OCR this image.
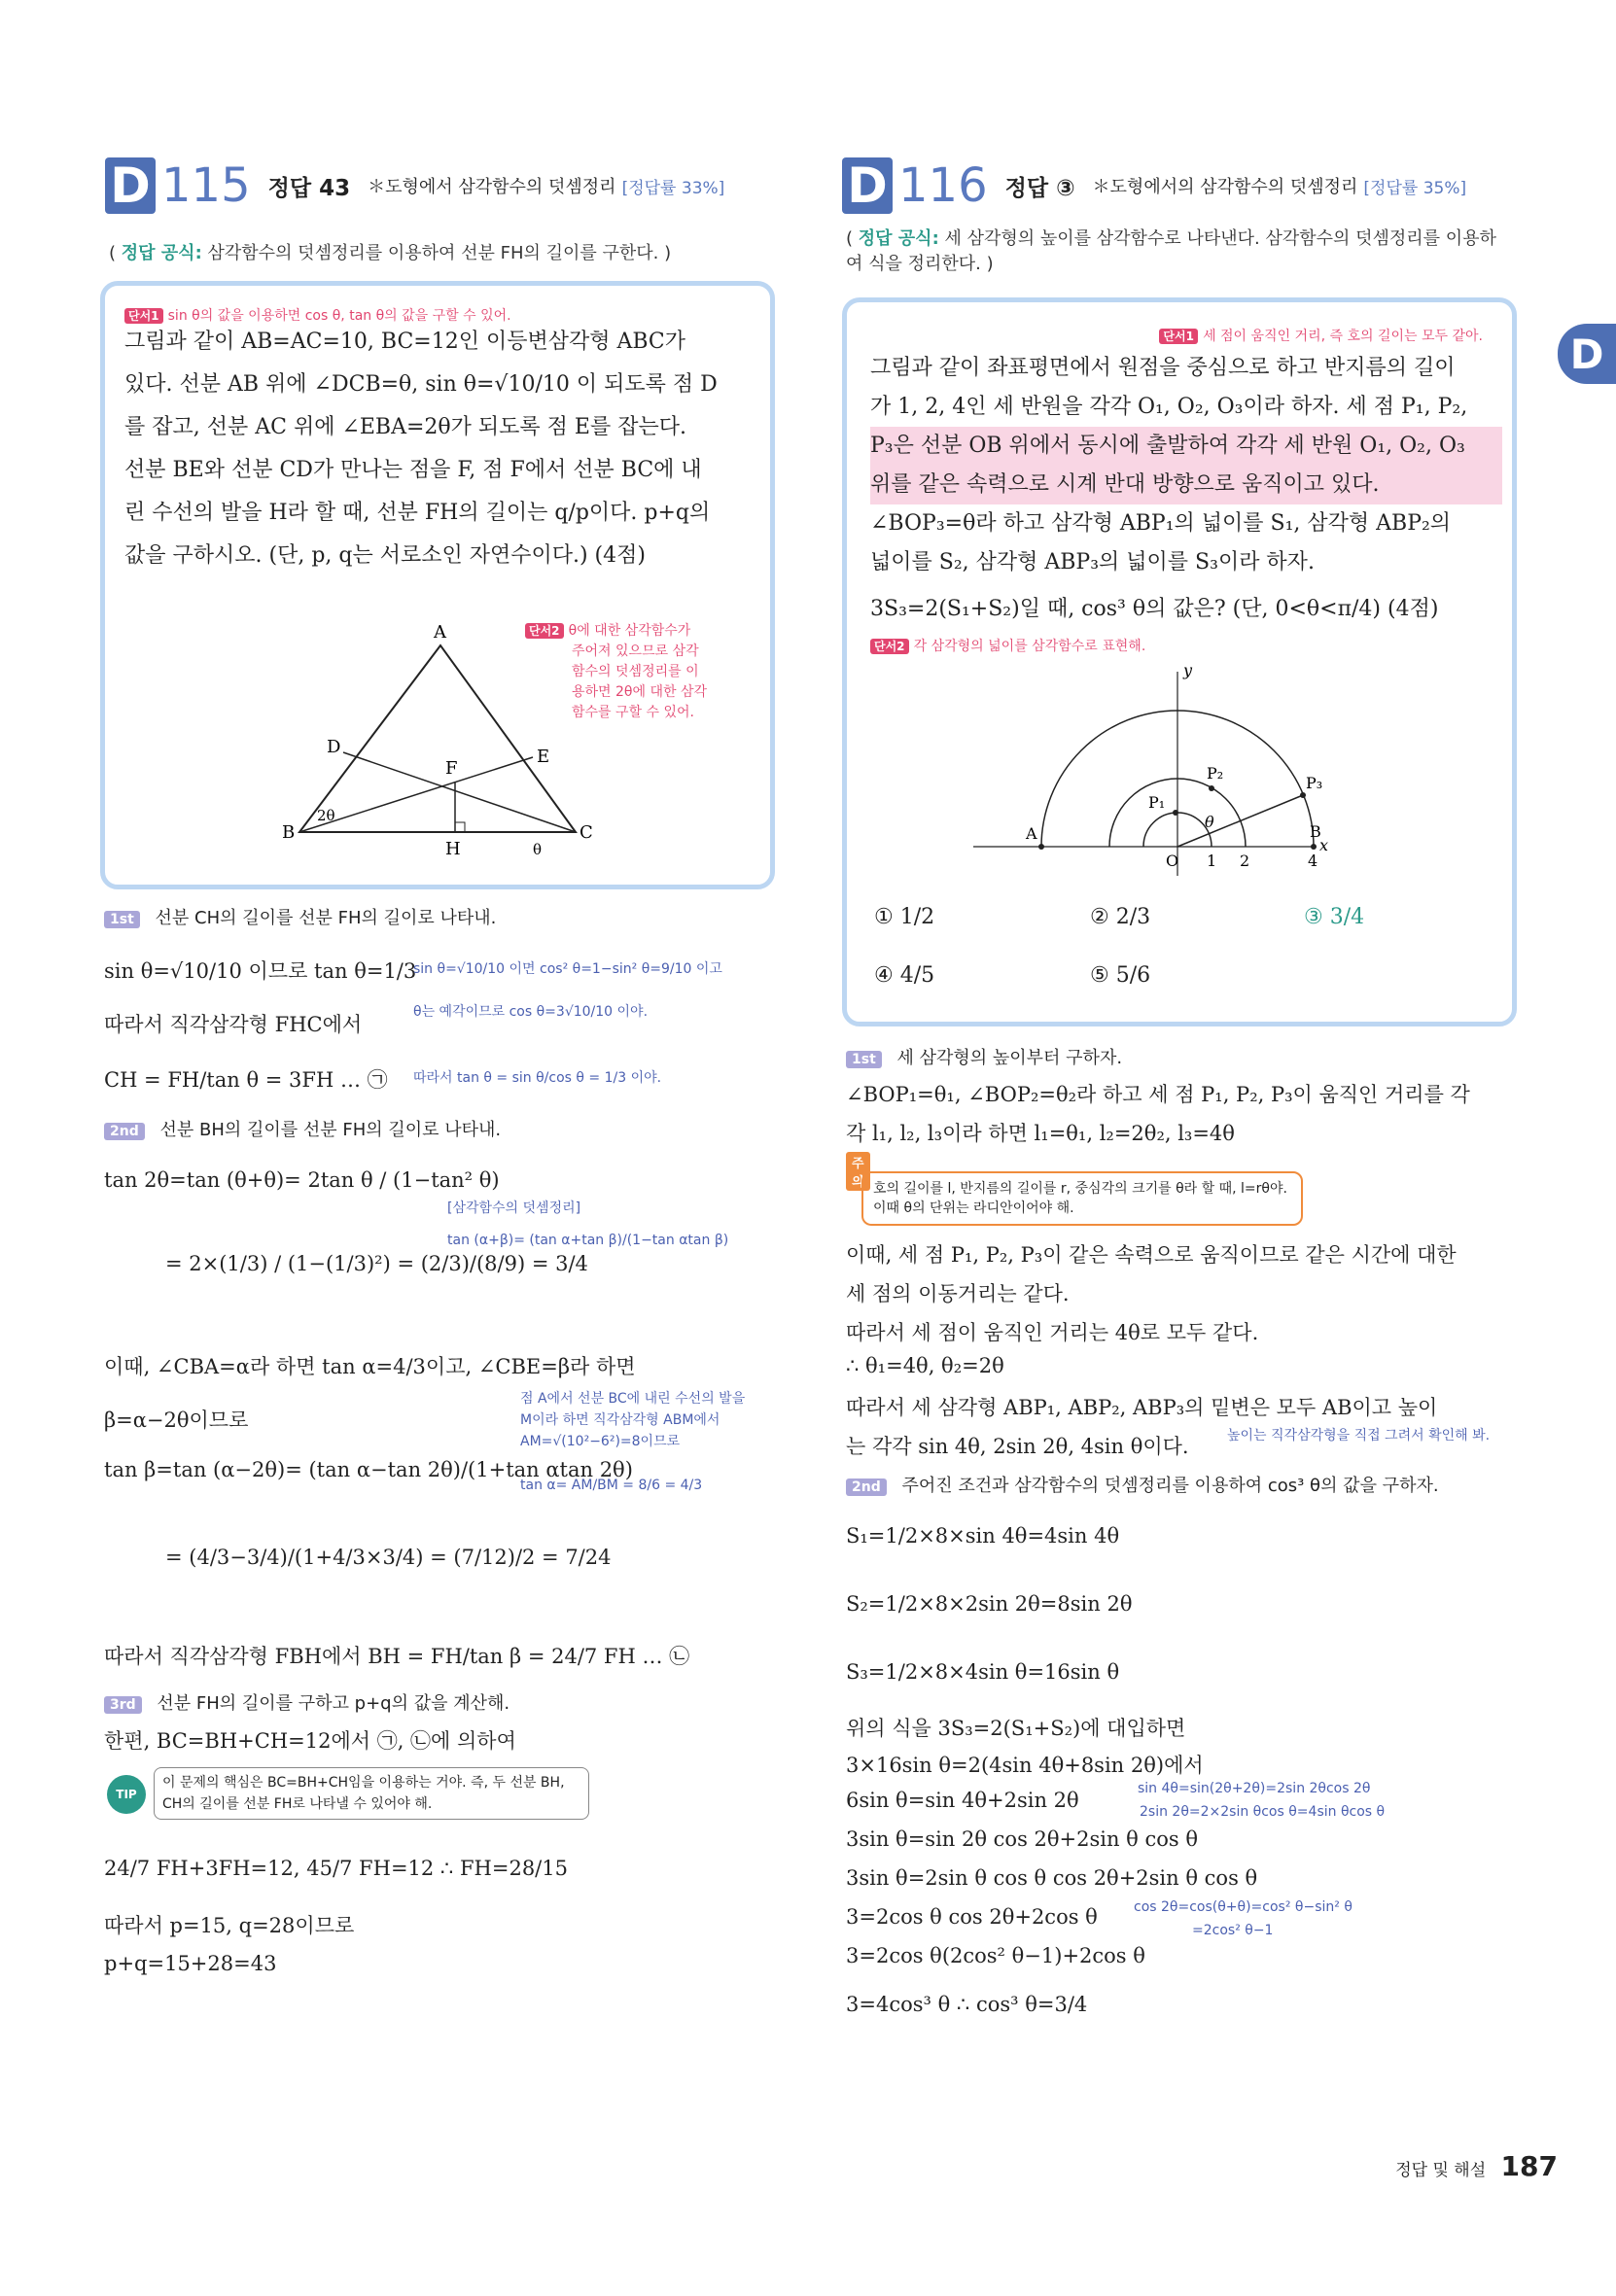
D 115 정답 43 ＊도형에서 삼각함수의 덧셈정리 [정답률 33%]
( 정답 공식: 삼각함수의 덧셈정리를 이용하여 선분 FH의 길이를 구한다. )
단서1 sin θ의 값을 이용하면 cos θ, tan θ의 값을 구할 수 있어.
그림과 같이 AB=AC=10, BC=12인 이등변삼각형 ABC가
있다. 선분 AB 위에 ∠DCB=θ, sin θ=√10/10 이 되도록 점 D
를 잡고, 선분 AC 위에 ∠EBA=2θ가 되도록 점 E를 잡는다.
선분 BE와 선분 CD가 만나는 점을 F, 점 F에서 선분 BC에 내
린 수선의 발을 H라 할 때, 선분 FH의 길이는 q/p이다. p+q의
값을 구하시오. (단, p, q는 서로소인 자연수이다.) (4점)
단서2 θ에 대한 삼각함수가
주어져 있으므로 삼각
함수의 덧셈정리를 이
용하면 2θ에 대한 삼각
함수를 구할 수 있어.
A
B	C
D	E
F
H
2θ
θ
1st 선분 CH의 길이를 선분 FH의 길이로 나타내.
sin θ=√10/10 이므로 tan θ=1/3
sin θ=√10/10 이면 cos² θ=1−sin² θ=9/10 이고
따라서 직각삼각형 FHC에서
θ는 예각이므로 cos θ=3√10/10 이야.
CH = FH/tan θ = 3FH … ㉠ 따라서 tan θ = sin θ/cos θ = 1/3 이야.
2nd 선분 BH의 길이를 선분 FH의 길이로 나타내.
tan 2θ=tan (θ+θ)= 2tan θ / (1−tan² θ)
[삼각함수의 덧셈정리]
= 2×(1/3) / (1−(1/3)²) = (2/3)/(8/9) = 3/4
tan (α+β)= (tan α+tan β)/(1−tan αtan β)
이때, ∠CBA=α라 하면 tan α=4/3이고, ∠CBE=β라 하면
β=α−2θ이므로
점 A에서 선분 BC에 내린 수선의 발을
M이라 하면 직각삼각형 ABM에서
AM=√(10²−6²)=8이므로
tan β=tan (α−2θ)= (tan α−tan 2θ)/(1+tan αtan 2θ)
tan α= AM/BM = 8/6 = 4/3
= (4/3−3/4)/(1+4/3×3/4) = (7/12)/2 = 7/24
따라서 직각삼각형 FBH에서 BH = FH/tan β = 24/7 FH … ㉡
3rd 선분 FH의 길이를 구하고 p+q의 값을 계산해.
한편, BC=BH+CH=12에서 ㉠, ㉡에 의하여
TIP
이 문제의 핵심은 BC=BH+CH임을 이용하는 거야. 즉, 두 선분 BH, CH의 길이를 선분 FH로 나타낼 수 있어야 해.
24/7 FH+3FH=12, 45/7 FH=12 ∴ FH=28/15
따라서 p=15, q=28이므로
p+q=15+28=43
D 116 정답 ③ ＊도형에서의 삼각함수의 덧셈정리 [정답률 35%]
( 정답 공식: 세 삼각형의 높이를 삼각함수로 나타낸다. 삼각함수의 덧셈정리를 이용하여 식을 정리한다. )
단서1 세 점이 움직인 거리, 즉 호의 길이는 모두 같아.
그림과 같이 좌표평면에서 원점을 중심으로 하고 반지름의 길이
가 1, 2, 4인 세 반원을 각각 O₁, O₂, O₃이라 하자. 세 점 P₁, P₂,
P₃은 선분 OB 위에서 동시에 출발하여 각각 세 반원 O₁, O₂, O₃
위를 같은 속력으로 시계 반대 방향으로 움직이고 있다.
∠BOP₃=θ라 하고 삼각형 ABP₁의 넓이를 S₁, 삼각형 ABP₂의
넓이를 S₂, 삼각형 ABP₃의 넓이를 S₃이라 하자.
3S₃=2(S₁+S₂)일 때, cos³ θ의 값은? (단, 0<θ<π/4) (4점)
단서2 각 삼각형의 넓이를 삼각함수로 표현해.
y
x
A	B
O
P₁
P₂
P₃
θ
1 2	4
① 1/2	② 2/3	③ 3/4
④ 4/5	⑤ 5/6
1st 세 삼각형의 높이부터 구하자.
∠BOP₁=θ₁, ∠BOP₂=θ₂라 하고 세 점 P₁, P₂, P₃이 움직인 거리를 각
각 l₁, l₂, l₃이라 하면 l₁=θ₁, l₂=2θ₂, l₃=4θ
주의 호의 길이를 l, 반지름의 길이를 r, 중심각의 크기를 θ라 할 때, l=rθ야. 이때 θ의 단위는 라디안이어야 해.
이때, 세 점 P₁, P₂, P₃이 같은 속력으로 움직이므로 같은 시간에 대한
세 점의 이동거리는 같다.
따라서 세 점이 움직인 거리는 4θ로 모두 같다.
∴ θ₁=4θ, θ₂=2θ
따라서 세 삼각형 ABP₁, ABP₂, ABP₃의 밑변은 모두 AB이고 높이
는 각각 sin 4θ, 2sin 2θ, 4sin θ이다.	높이는 직각삼각형을 직접 그려서 확인해 봐.
2nd 주어진 조건과 삼각함수의 덧셈정리를 이용하여 cos³ θ의 값을 구하자.
S₁=1/2×8×sin 4θ=4sin 4θ
S₂=1/2×8×2sin 2θ=8sin 2θ
S₃=1/2×8×4sin θ=16sin θ
위의 식을 3S₃=2(S₁+S₂)에 대입하면
3×16sin θ=2(4sin 4θ+8sin 2θ)에서
6sin θ=sin 4θ+2sin 2θ	sin 4θ=sin(2θ+2θ)=2sin 2θcos 2θ
2sin 2θ=2×2sin θcos θ=4sin θcos θ
3sin θ=sin 2θ cos 2θ+2sin θ cos θ
3sin θ=2sin θ cos θ cos 2θ+2sin θ cos θ
3=2cos θ cos 2θ+2cos θ	cos 2θ=cos(θ+θ)=cos² θ−sin² θ
=2cos² θ−1
3=2cos θ(2cos² θ−1)+2cos θ
3=4cos³ θ ∴ cos³ θ=3/4
D
정답 및 해설 187
